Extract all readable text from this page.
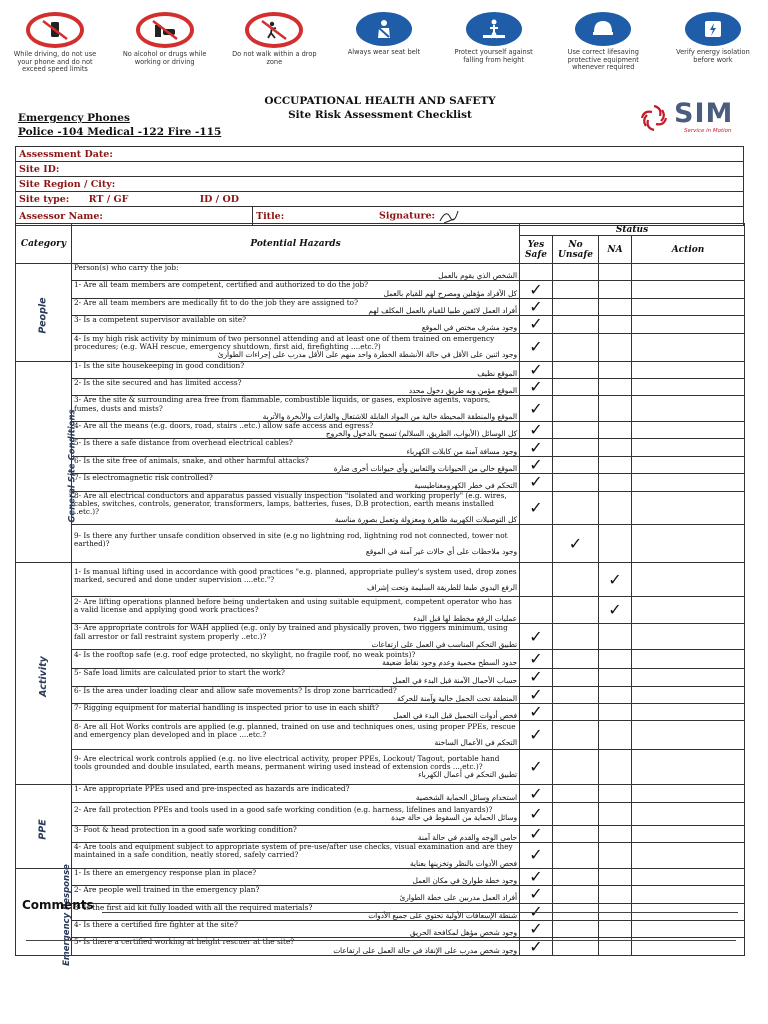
While driving, do not use your phone and do not exceed speed limits
No alcohol or drugs while working or driving
Do not walk within a drop zone
Always wear seat belt	Protect yourself against falling from height
Use correct lifesaving protective equipment whenever required
Verify energy isolation before work
Emergency Phones
Police -104 Medical -122 Fire -115
OCCUPATIONAL HEALTH AND SAFETY
Site Risk Assessment Checklist	SIM
Service in Motion
Assessment Date:
Site ID:
Site Region / City:
Site type: RT / GF	ID / OD
Assessor Name:	Title:	Signature:
Category	Potential Hazards	Status			
		Yes Safe	No Unsafe	NA	Action
People	Person(s) who carry the job:
الشخص الذي يقوم بالعمل				

	1- Are all team members are competent, certified and authorized to do the job?
كل الأفراد مؤهلين ومصرح لهم للقيام بالعمل	✓			
	2- Are all team members are medically fit to do the job they are assigned to?
أفراد العمل لائقين طبيا للقيام بالعمل المكلف لهم	✓			
	3- Is a competent supervisor available on site?
وجود مشرف مختص في الموقع	✓			
	4- Is my high risk activity by minimum of two personnel attending and at least one of them trained on emergency procedures; (e.g. WAH rescue, emergency shutdown, first aid, firefighting ....etc.?)
وجود اثنين على الأقل في حالة الأنشطة الخطرة واحد منهم على الأقل مدرب على إجراءات الطوارئ	✓			
General Site Conditions	1- Is the site housekeeping in good condition?
الموقع نظيف	✓			
	2- Is the site secured and has limited access?
الموقع مؤمن وبه طريق دخول محدد	✓			
	3- Are the site & surrounding area free from flammable, combustible liquids, or gases, explosive agents, vapors, fumes, dusts and mists?
الموقع والمنطقة المحيطة خالية من المواد القابلة للاشتعال والغازات والأبخرة والأتربة	✓			
	4- Are all the means (e.g. doors, road, stairs ..etc.) allow safe access and egress?
كل الوسائل (الأبواب، الطريق، السلالم) تسمح بالدخول والخروج	✓			
	5- Is there a safe distance from overhead electrical cables?
وجود مسافة آمنة من كابلات الكهرباء	✓			
	6- Is the site free of animals, snake, and other harmful attacks?
الموقع خالي من الحيوانات والثعابين وأي حيوانات أخرى ضارة	✓			
	7- Is electromagnetic risk controlled?
التحكم في خطر الكهرومغناطيسية	✓			
	8- Are all electrical conductors and apparatus passed visually inspection "isolated and working properly" (e.g. wires, cables, switches, controls, generator, transformers, lamps, batteries, fuses, D.B protection, earth means installed ..etc.)?
كل التوصيلات الكهربية ظاهرة ومعزولة وتعمل بصورة مناسبة	✓			
	9- Is there any further unsafe condition observed in site (e.g no lightning rod, lightning rod not connected, tower not earthed)?
وجود ملاحظات على أي حالات غير آمنة في الموقع		✓		
Activity	1- Is manual lifting used in accordance with good practices "e.g. planned, appropriate pulley's system used, drop zones marked, secured and done under supervision ....etc."?
الرفع اليدوي طبقا للطريقة السليمة وتحت إشراف			✓	
	2- Are lifting operations planned before being undertaken and using suitable equipment, competent operator who has a valid license and applying good work practices?
عمليات الرفع مخطط لها قبل البدء			✓	
	3- Are appropriate controls for WAH applied (e.g. only by trained and physically proven, two riggers minimum, using fall arrestor or fall restraint system properly ..etc.)?
تطبيق التحكم المناسب في العمل على ارتفاعات	✓			
	4- Is the rooftop safe (e.g. roof edge protected, no skylight, no fragile roof, no weak points)?
حدود السطح محمية وعدم وجود نقاط ضعيفة	✓			
	5- Safe load limits are calculated prior to start the work?
حساب الأحمال الآمنة قبل البدء في العمل	✓			
	6- Is the area under loading clear and allow safe movements? Is drop zone barricaded?
المنطقة تحت الحمل خالية وآمنة للحركة	✓			
	7- Rigging equipment for material handling is inspected prior to use in each shift?
فحص أدوات التحميل قبل البدء في العمل	✓			
	8- Are all Hot Works controls are applied (e.g. planned, trained on use and techniques ones, using proper PPEs, rescue and emergency plan developed and in place ....etc.?
التحكم في الأعمال الساخنة	✓			
	9- Are electrical work controls applied (e.g. no live electrical activity, proper PPEs, Lockout/ Tagout, portable hand tools grounded and double insulated, earth means, permanent wiring used instead of extension cords ....etc.)?
تطبيق التحكم في أعمال الكهرباء	✓			
PPE	1- Are appropriate PPEs used and pre-inspected as hazards are indicated?
استخدام وسائل الحماية الشخصية	✓			
	2- Are fall protection PPEs and tools used in a good safe working condition (e.g. harness, lifelines and lanyards)?
وسائل الحماية من السقوط في حالة جيدة	✓			
	3- Foot & head protection in a good safe working condition?
حامي الوجه والقدم في حالة آمنة	✓			
	4- Are tools and equipment subject to appropriate system of pre-use/after use checks, visual examination and are they maintained in a safe condition, neatly stored, safely carried?
فحص الأدوات بالنظر وتخزينها بعناية	✓			
Emergency Response	1- Is there an emergency response plan in place?
وجود خطة طوارئ في مكان العمل	✓			
	2- Are people well trained in the emergency plan?
أفراد العمل مدربين على خطة الطوارئ	✓			
	3- Is the first aid kit fully loaded with all the required materials?
شنطة الإسعافات الأولية تحتوي على جميع الأدوات	✓			
	4- Is there a certified fire fighter at the site?
وجود شخص مؤهل لمكافحة الحريق	✓			
	5- Is there a certified working at height rescuer at the site?
وجود شخص مدرب على الإنقاذ في حالة العمل على ارتفاعات	✓			
Comments
